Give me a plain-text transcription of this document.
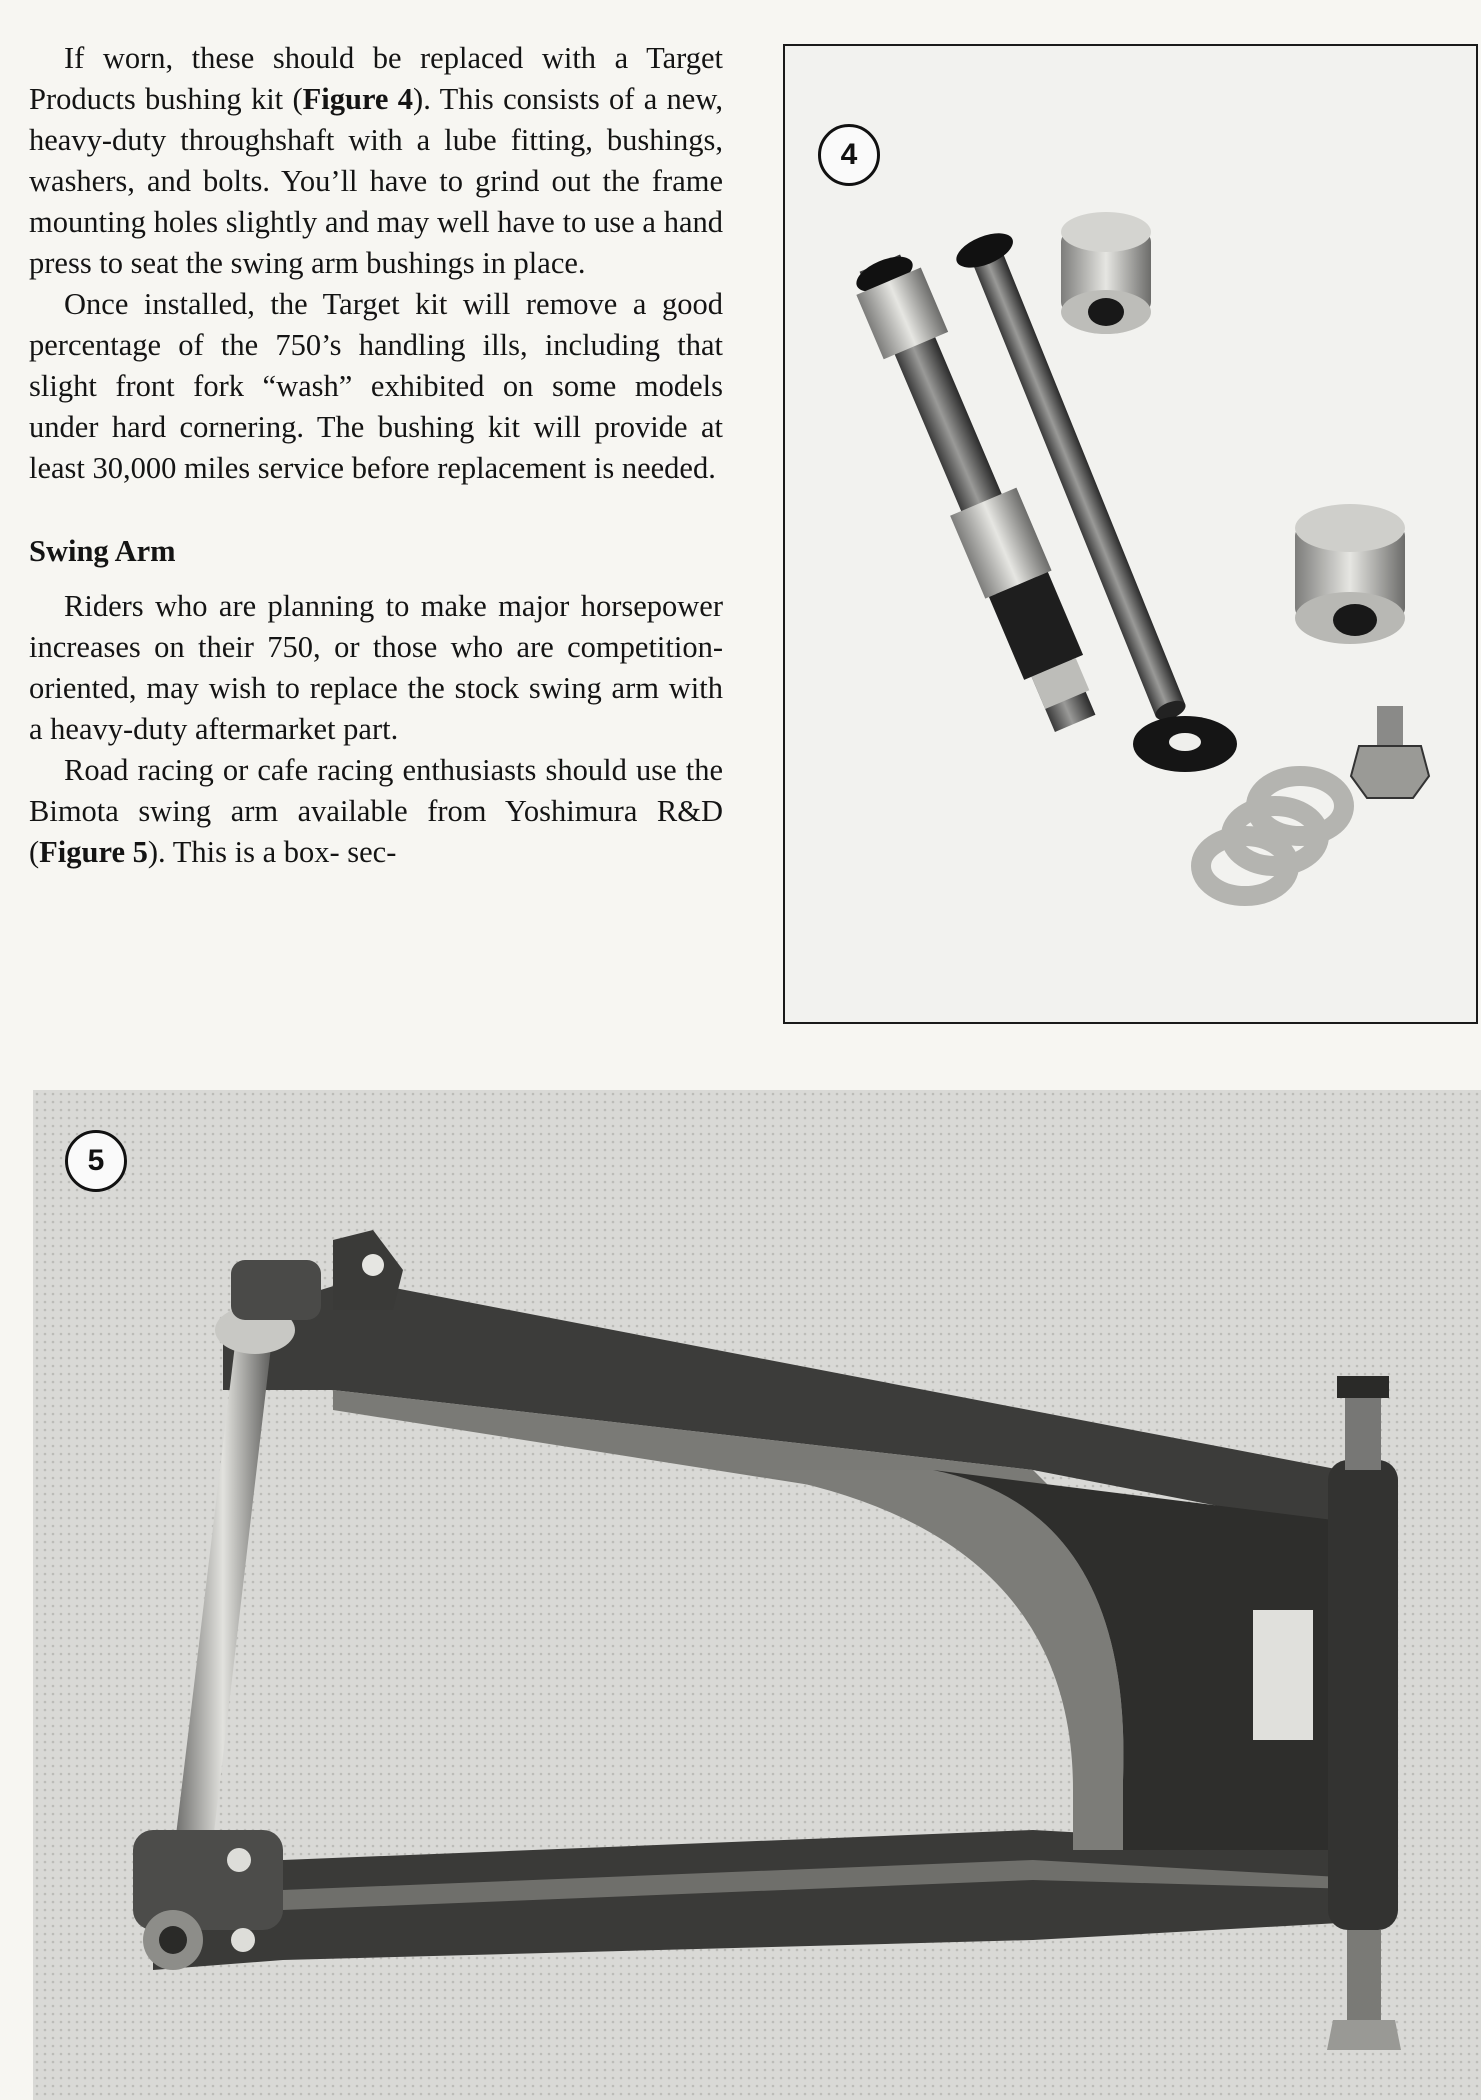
If worn, these should be replaced with a Target Products bushing kit (Figure 4). This consists of a new, heavy-duty throughshaft with a lube fitting, bushings, washers, and bolts. You’ll have to grind out the frame mounting holes slightly and may well have to use a hand press to seat the swing arm bushings in place.

Once installed, the Target kit will remove a good percentage of the 750’s handling ills, including that slight front fork “wash” exhibited on some models under hard cornering. The bushing kit will provide at least 30,000 miles service before replacement is needed.

Swing Arm

Riders who are planning to make major horsepower increases on their 750, or those who are competition-oriented, may wish to replace the stock swing arm with a heavy-duty aftermarket part.

Road racing or cafe racing enthusiasts should use the Bimota swing arm available from Yoshimura R&D (Figure 5). This is a box- sec-

4
5
